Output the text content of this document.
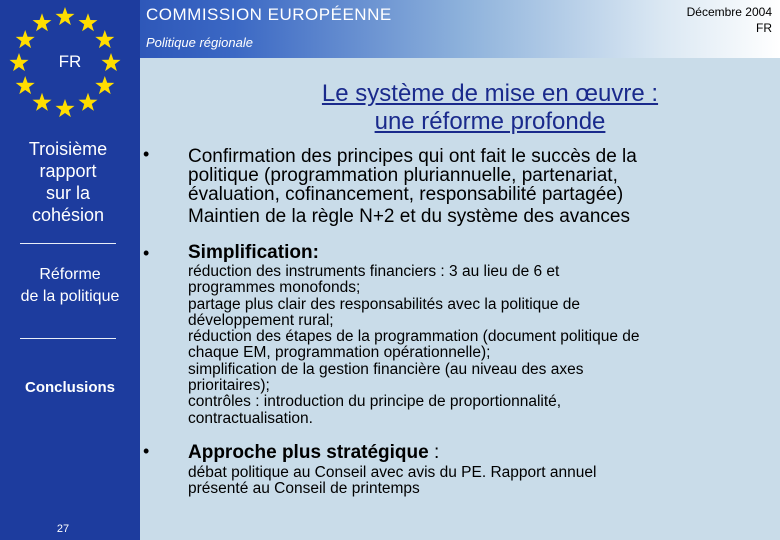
COMMISSION EUROPÉENNE
Politique régionale
Décembre 2004
FR
FR
Troisième
rapport
sur la
cohésion
Réforme
de la politique
Conclusions
27
Le système de mise en œuvre :
une réforme profonde
• Confirmation des principes qui ont fait le succès de la
politique (programmation pluriannuelle, partenariat,
évaluation, cofinancement, responsabilité partagée)
Maintien de la règle N+2 et du système des avances
• Simplification:
réduction des instruments financiers : 3 au lieu de 6 et
programmes monofonds;
partage plus clair des responsabilités avec la politique de
développement rural;
réduction des étapes de la programmation (document politique de
chaque EM, programmation opérationnelle);
simplification de la gestion financière (au niveau des axes
prioritaires);
contrôles : introduction du principe de proportionnalité,
contractualisation.
• Approche plus stratégique :
débat politique au Conseil avec avis du PE. Rapport annuel
présenté au Conseil de printemps
